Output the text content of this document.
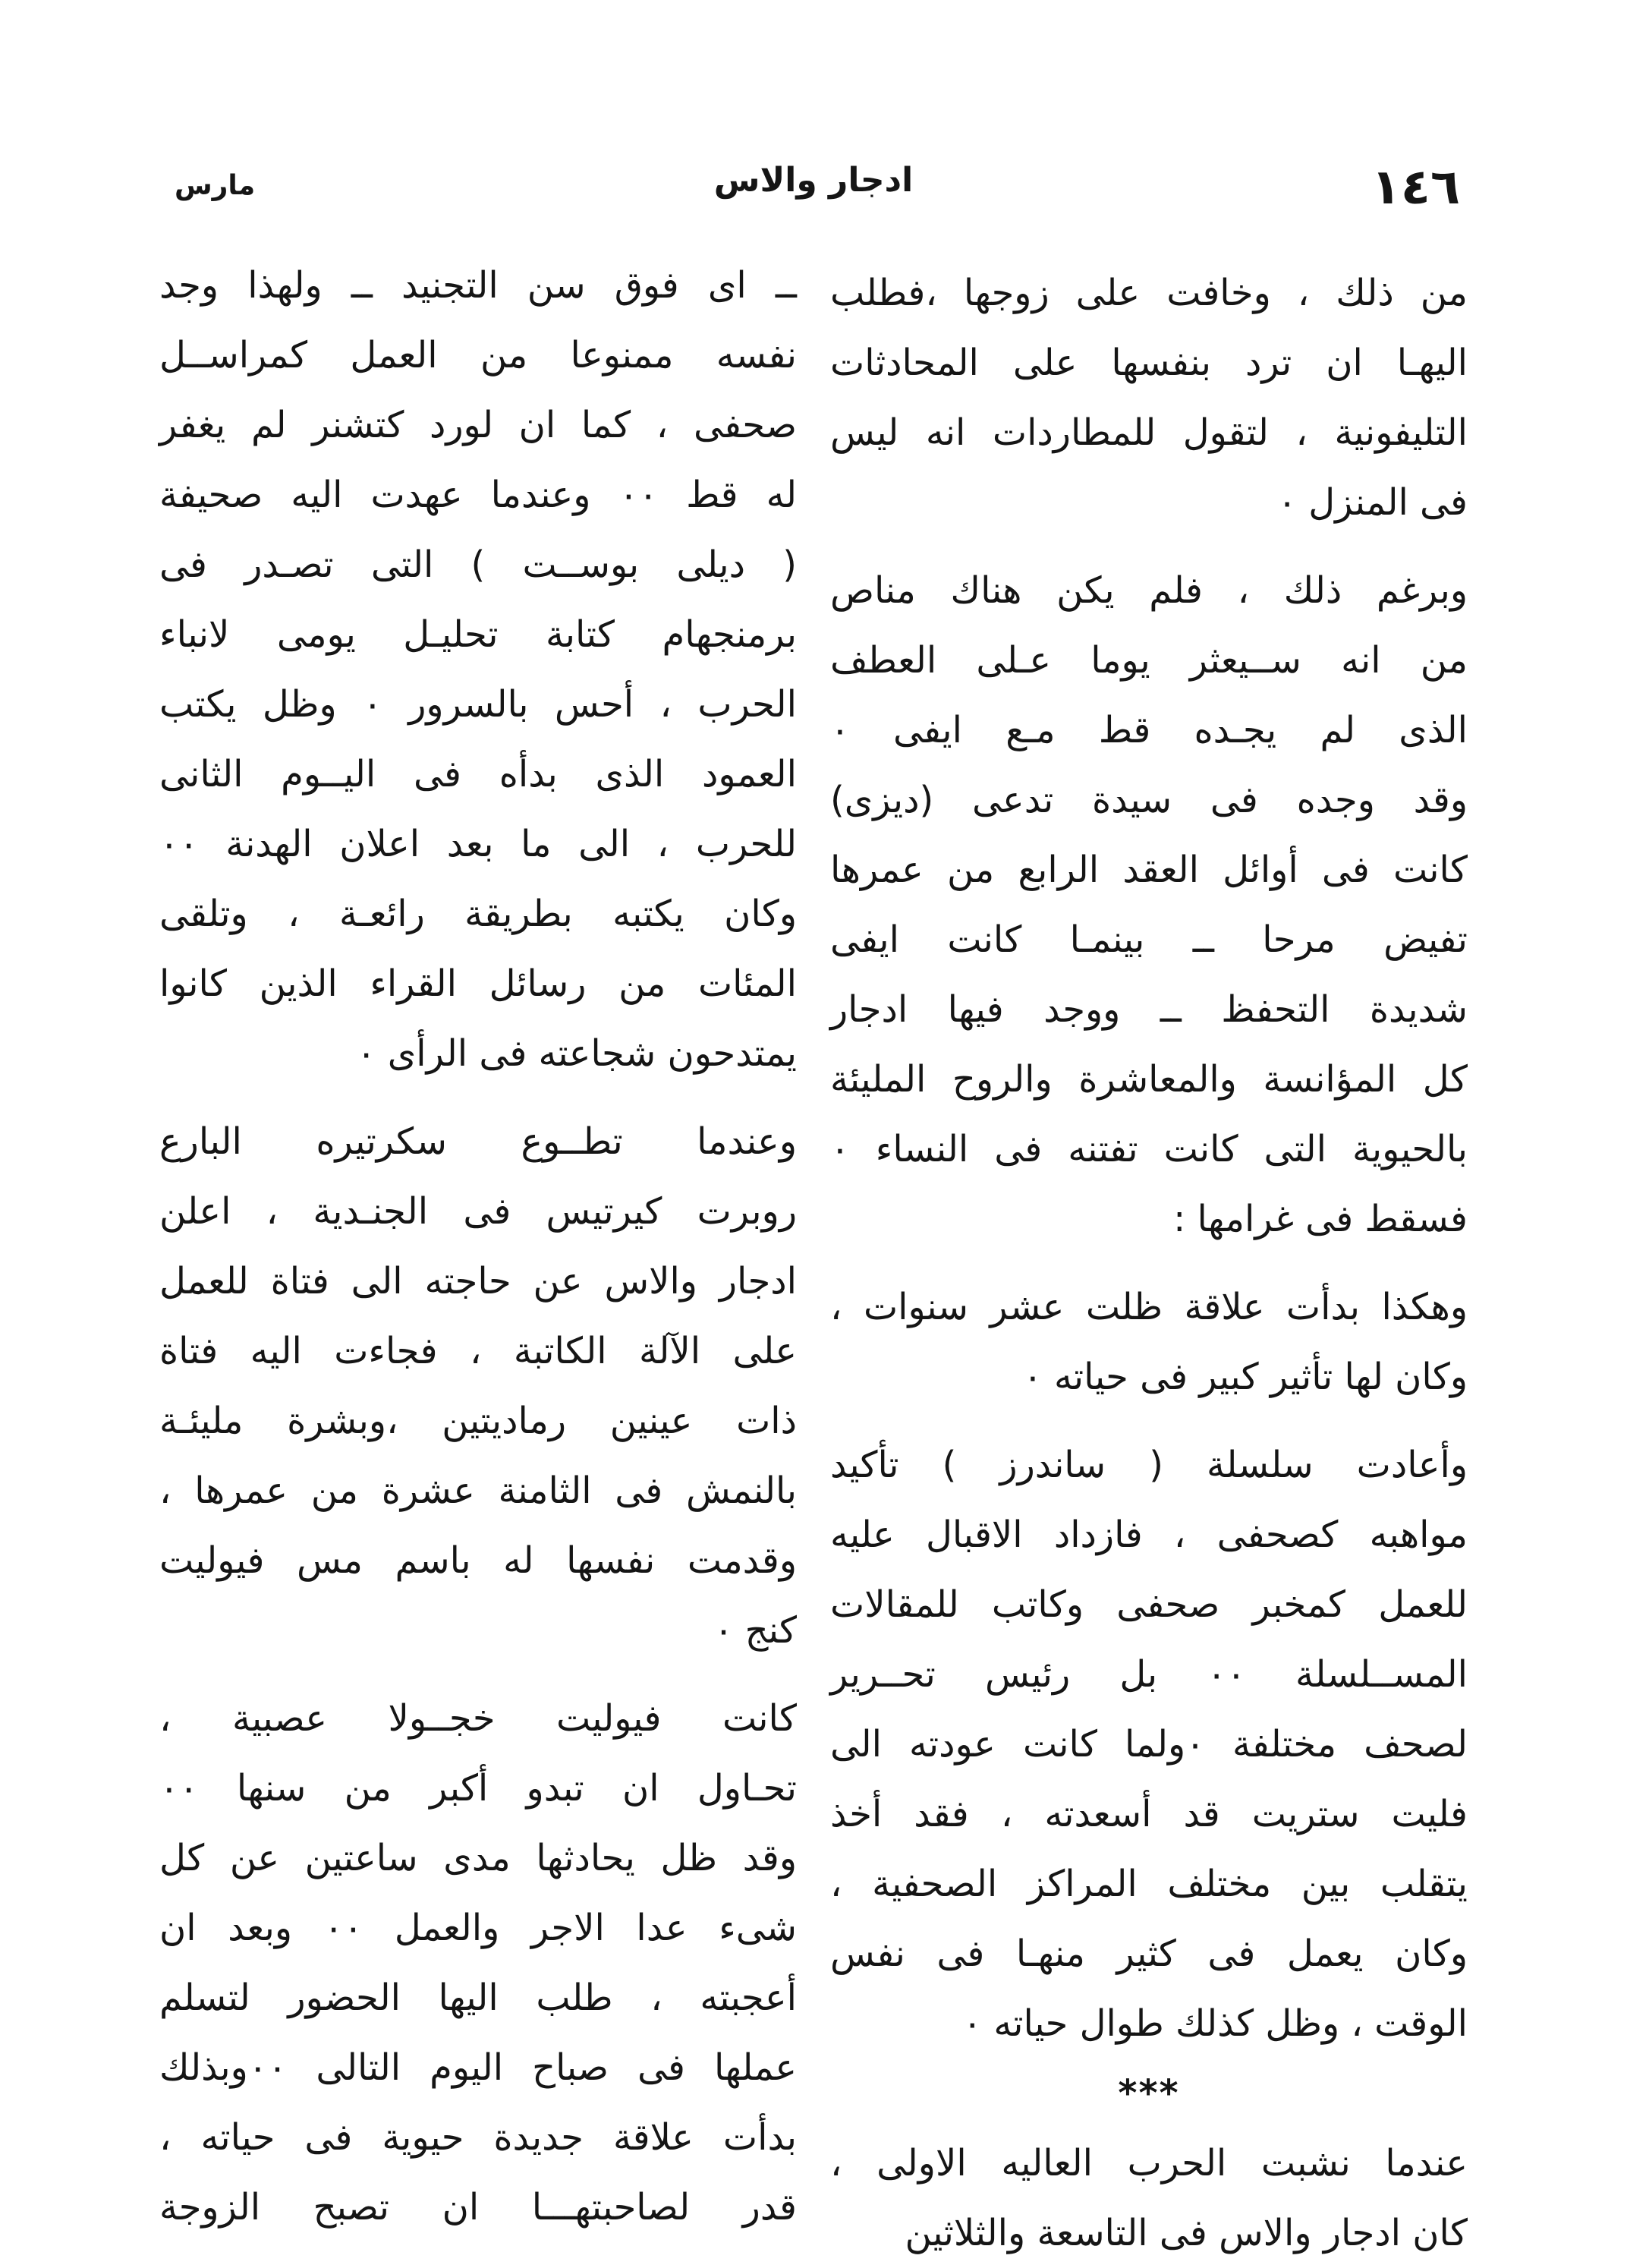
١٤٦
ادجار والاس
مارس
من ذلك ، وخافت على زوجها ،فطلب
اليهـا ان ترد بنفسها على المحادثات
التليفونية ، لتقول للمطاردات انه ليس
فى المنزل ٠
وبرغم ذلك ، فلم يكن هناك مناص
من انه ســيعثر يوما عـلى العطف
الذى لم يجـده قط مـع ايفى ٠
وقد وجده فى سيدة تدعى (ديزى)
كانت فى أوائل العقد الرابع من عمرها
تفيض مرحا ــ بينمـا كانت ايفى
شديدة التحفظ ــ ووجد فيها ادجار
كل المؤانسة والمعاشرة والروح المليئة
بالحيوية التى كانت تفتنه فى النساء ٠
فسقط فى غرامها :
وهكذا بدأت علاقة ظلت عشر سنوات ،
وكان لها تأثير كبير فى حياته ٠
وأعادت سلسلة ( ساندرز ) تأكيد
مواهبه كصحفى ، فازداد الاقبال عليه
للعمل كمخبر صحفى وكاتب للمقالات
المســلسلة ٠٠ بل رئيس تحــرير
لصحف مختلفة ٠ولما كانت عودته الى
فليت ستريت قد أسعدته ، فقد أخذ
يتقلب بين مختلف المراكز الصحفية ،
وكان يعمل فى كثير منهـا فى نفس
الوقت ، وظل كذلك طوال حياته ٠
***
عندما نشبت الحرب العاليه الاولى ،
كان ادجار والاس فى التاسعة والثلاثين
ــ اى فوق سن التجنيد ــ ولهذا وجد
نفسه ممنوعا من العمل كمراســل
صحفى ، كما ان لورد كتشنر لم يغفر
له قط ٠٠ وعندما عهدت اليه صحيفة
( ديلى بوســت ) التى تصـدر فى
برمنجهام كتابة تحليـل يومى لانباء
الحرب ، أحس بالسرور ٠ وظل يكتب
العمود الذى بدأه فى اليــوم الثانى
للحرب ، الى ما بعد اعلان الهدنة ٠٠
وكان يكتبه بطريقة رائعـة ، وتلقى
المئات من رسائل القراء الذين كانوا
يمتدحون شجاعته فى الرأى ٠
وعندما تطــوع سكرتيره البارع
روبرت كيرتيس فى الجنـدية ، اعلن
ادجار والاس عن حاجته الى فتاة للعمل
على الآلة الكاتبة ، فجاءت اليه فتاة
ذات عينين رماديتين ،وبشرة مليئـة
بالنمش فى الثامنة عشرة من عمرها ،
وقدمت نفسها له باسم مس فيوليت
كنج ٠
كانت فيوليت خجــولا عصبية ،
تحـاول ان تبدو أكبر من سنها ٠٠
وقد ظل يحادثها مدى ساعتين عن كل
شىء عدا الاجر والعمل ٠٠ وبعد ان
أعجبته ، طلب اليها الحضور لتسلم
عملها فى صباح اليوم التالى ٠٠وبذلك
بدأت علاقة جديدة حيوية فى حياته ،
قدر لصاحبتهـــا ان تصبح الزوجة
